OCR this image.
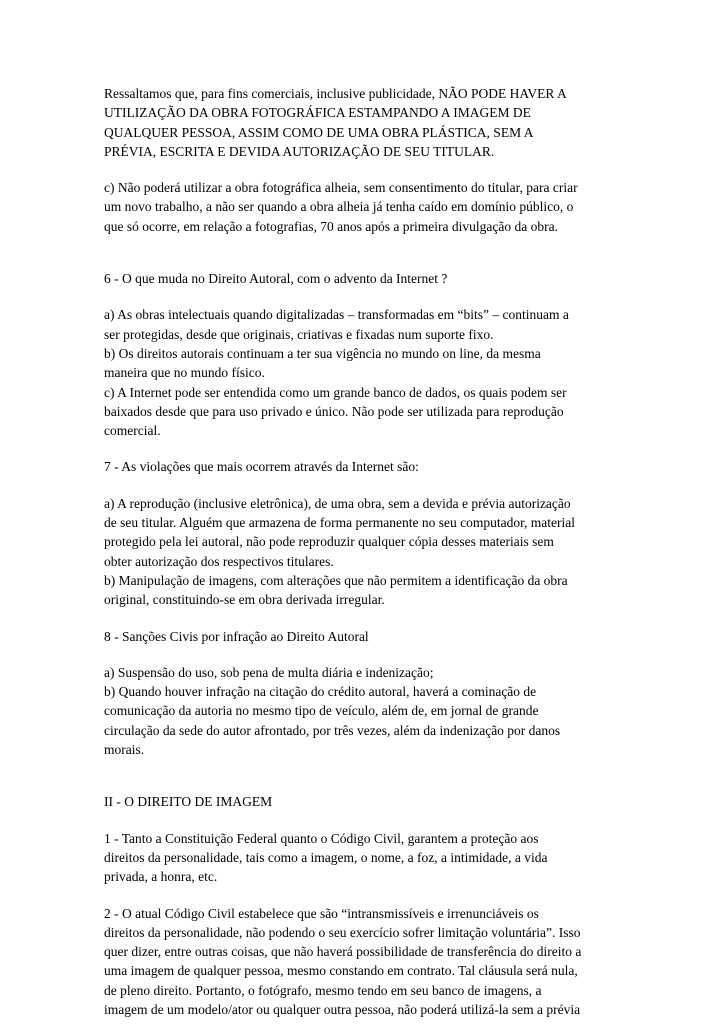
Ressaltamos que, para fins comerciais, inclusive publicidade, NÃO PODE HAVER A
UTILIZAÇÃO DA OBRA FOTOGRÁFICA ESTAMPANDO A IMAGEM DE
QUALQUER PESSOA, ASSIM COMO DE UMA OBRA PLÁSTICA, SEM A
PRÉVIA, ESCRITA E DEVIDA AUTORIZAÇÃO DE SEU TITULAR.

c) Não poderá utilizar a obra fotográfica alheia, sem consentimento do titular, para criar
um novo trabalho, a não ser quando a obra alheia já tenha caído em domínio público, o
que só ocorre, em relação a fotografias, 70 anos após a primeira divulgação da obra.

6 - O que muda no Direito Autoral, com o advento da Internet ?

a) As obras intelectuais quando digitalizadas – transformadas em “bits” – continuam a
ser protegidas, desde que originais, criativas e fixadas num suporte fixo.
b) Os direitos autorais continuam a ter sua vigência no mundo on line, da mesma
maneira que no mundo físico.
c) A Internet pode ser entendida como um grande banco de dados, os quais podem ser
baixados desde que para uso privado e único. Não pode ser utilizada para reprodução
comercial.

7 - As violações que mais ocorrem através da Internet são:

a) A reprodução (inclusive eletrônica), de uma obra, sem a devida e prévia autorização
de seu titular. Alguém que armazena de forma permanente no seu computador, material
protegido pela lei autoral, não pode reproduzir qualquer cópia desses materiais sem
obter autorização dos respectivos titulares.
b) Manipulação de imagens, com alterações que não permitem a identificação da obra
original, constituindo-se em obra derivada irregular.

8 - Sanções Civis por infração ao Direito Autoral

a) Suspensão do uso, sob pena de multa diária e indenização;
b) Quando houver infração na citação do crédito autoral, haverá a cominação de
comunicação da autoria no mesmo tipo de veículo, além de, em jornal de grande
circulação da sede do autor afrontado, por três vezes, além da indenização por danos
morais.

II - O DIREITO DE IMAGEM

1 - Tanto a Constituição Federal quanto o Código Civil, garantem a proteção aos
direitos da personalidade, tais como a imagem, o nome, a foz, a intimidade, a vida
privada, a honra, etc.

2 - O atual Código Civil estabelece que são “intransmissíveis e irrenunciáveis os
direitos da personalidade, não podendo o seu exercício sofrer limitação voluntária”. Isso
quer dizer, entre outras coisas, que não haverá possibilidade de transferência do direito a
uma imagem de qualquer pessoa, mesmo constando em contrato. Tal cláusula será nula,
de pleno direito. Portanto, o fotógrafo, mesmo tendo em seu banco de imagens, a
imagem de um modelo/ator ou qualquer outra pessoa, não poderá utilizá-la sem a prévia
